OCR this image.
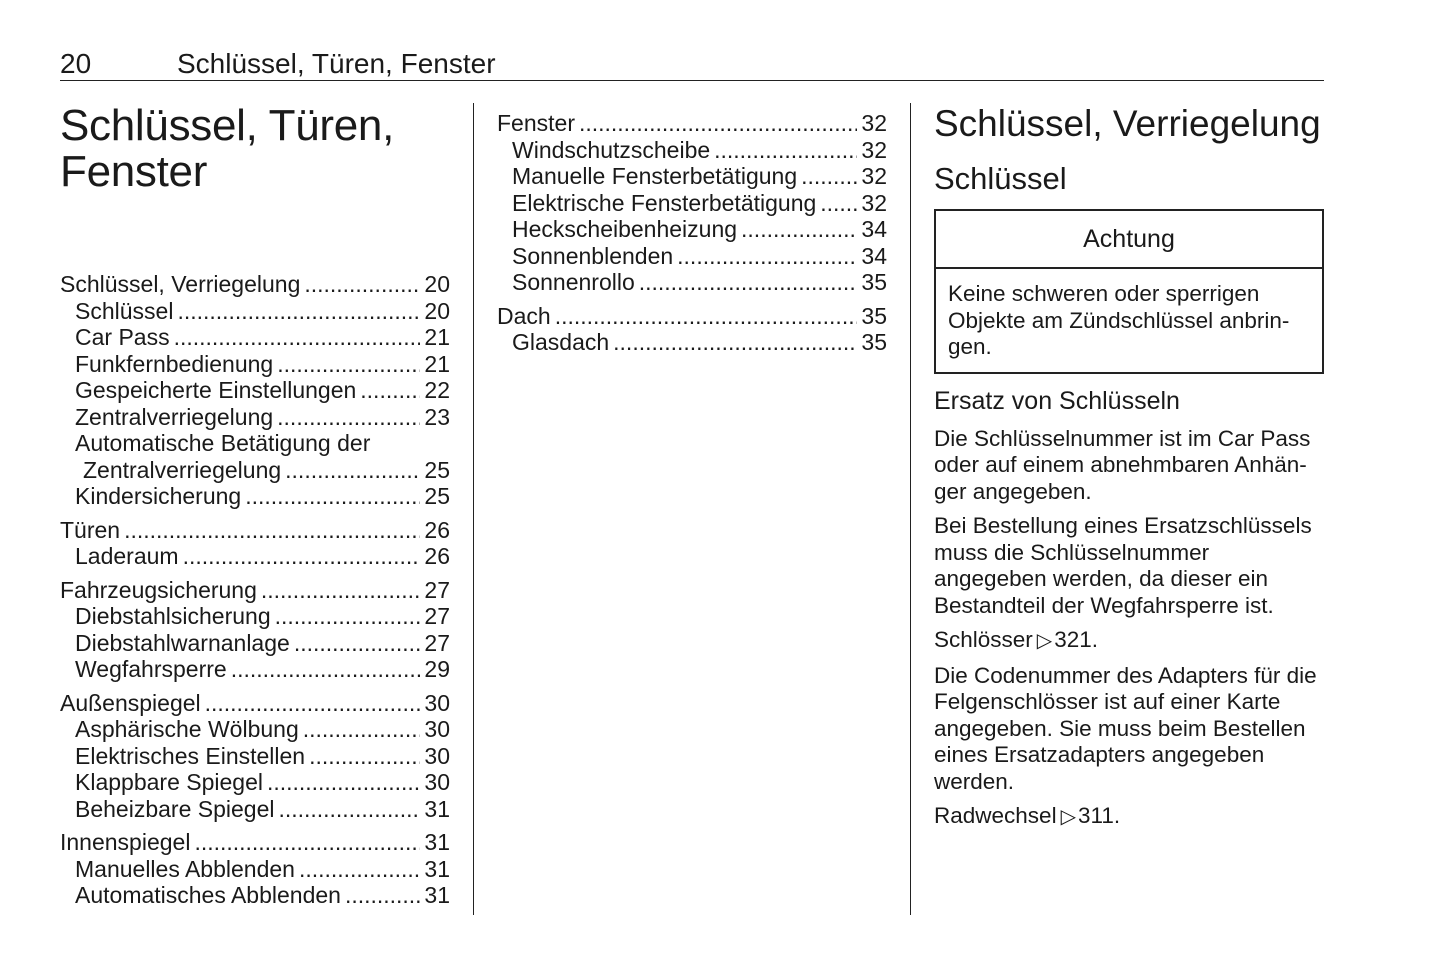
20	Schlüssel, Türen, Fenster
Schlüssel, Türen,
Fenster
Schlüssel, Verriegelung . . .	20
Schlüssel . . .	20
Car Pass . . .	21
Funkfernbedienung . . .	21
Gespeicherte Einstellungen . . .	22
Zentralverriegelung . . .	23
Automatische Betätigung der
Zentralverriegelung . . .	25
Kindersicherung . . .	25
Türen . . .	26
Laderaum . . .	26
Fahrzeugsicherung . . .	27
Diebstahlsicherung . . .	27
Diebstahlwarnanlage . . .	27
Wegfahrsperre . . .	29
Außenspiegel . . .	30
Asphärische Wölbung . . .	30
Elektrisches Einstellen . . .	30
Klappbare Spiegel . . .	30
Beheizbare Spiegel . . .	31
Innenspiegel . . .	31
Manuelles Abblenden . . .	31
Automatisches Abblenden . . .	31
Fenster . . .	32
Windschutzscheibe . . .	32
Manuelle Fensterbetätigung . . .	32
Elektrische Fensterbetätigung . . . 32
Heckscheibenheizung . . .	34
Sonnenblenden . . .	34
Sonnenrollo . . .	35
Dach . . .	35
Glasdach . . .	35
Schlüssel, Verriegelung
Schlüssel
Achtung
Keine schweren oder sperrigen Objekte am Zündschlüssel anbringen.
Ersatz von Schlüsseln

Die Schlüsselnummer ist im Car Pass oder auf einem abnehmbaren Anhänger angegeben.

Bei Bestellung eines Ersatzschlüssels muss die Schlüsselnummer angegeben werden, da dieser ein Bestandteil der Wegfahrsperre ist.

Schlösser ▷321.

Die Codenummer des Adapters für die Felgenschlösser ist auf einer Karte angegeben. Sie muss beim Bestellen eines Ersatzadapters angegeben werden.

Radwechsel ▷311.
